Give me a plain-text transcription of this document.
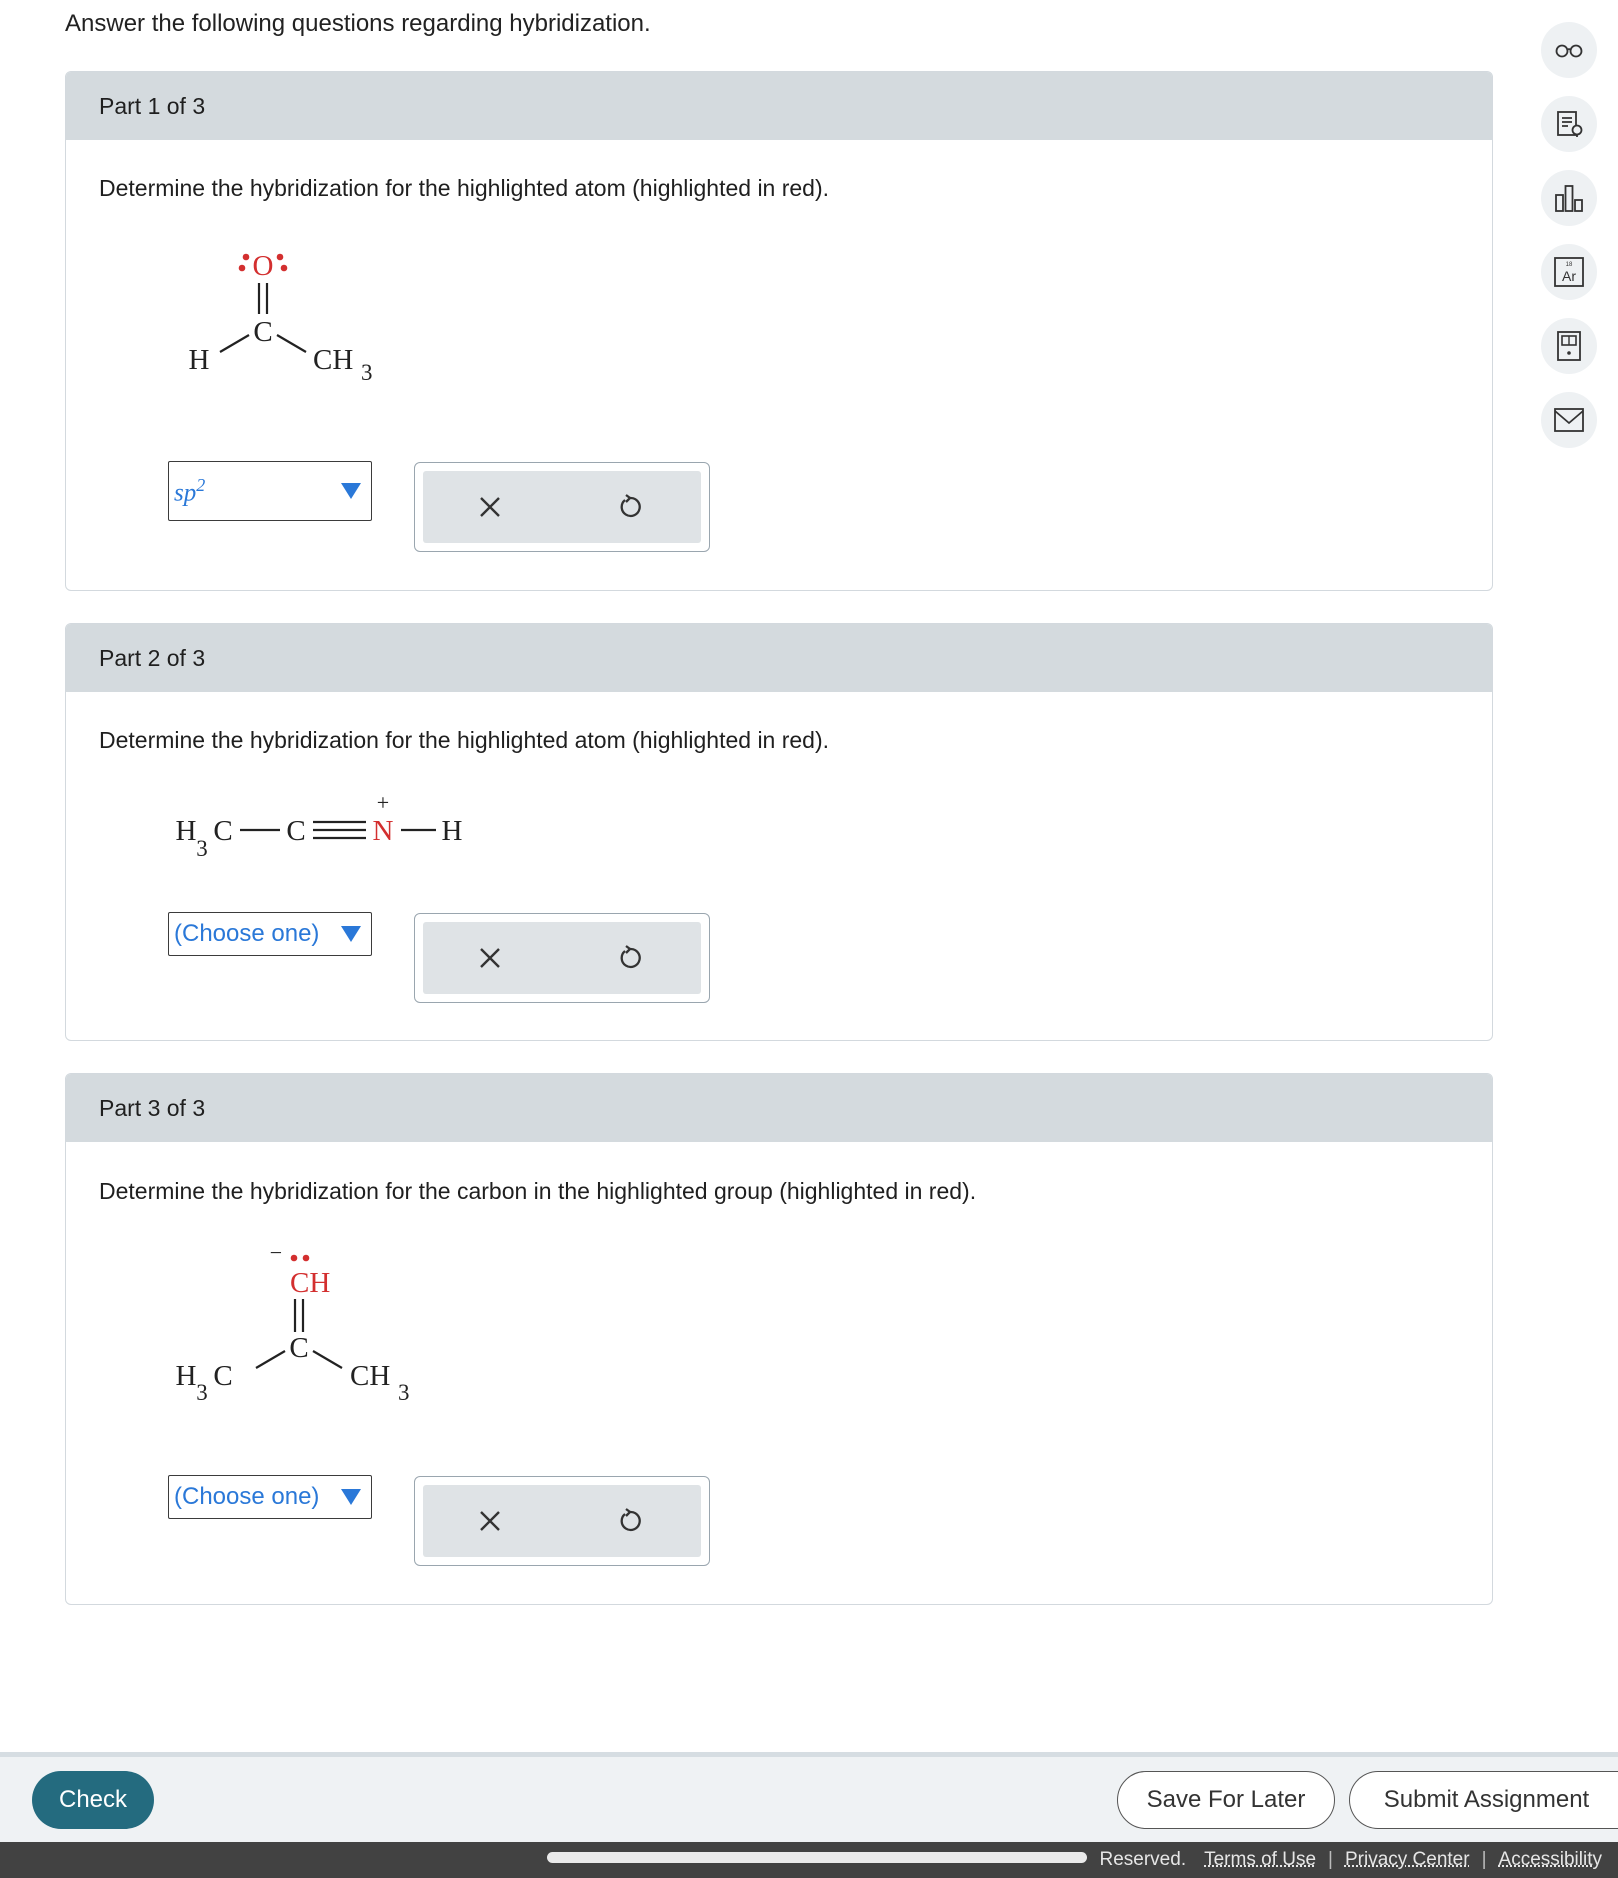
Answer the following questions regarding hybridization.
Part 1 of 3
Determine the hybridization for the highlighted atom (highlighted in red).
O
C
H	CH 3
$sp^2$
Part 2 of 3
Determine the hybridization for the highlighted atom (highlighted in red).
+
H
3
C C N H
(Choose one)
Part 3 of 3
Determine the hybridization for the carbon in the highlighted group (highlighted in red).
−
CH
C
H
3
C	CH
3
(Choose one)
18
Ar
Check	Save For Later	Submit Assignment
Reserved. Terms of Use | Privacy Center | Accessibility
